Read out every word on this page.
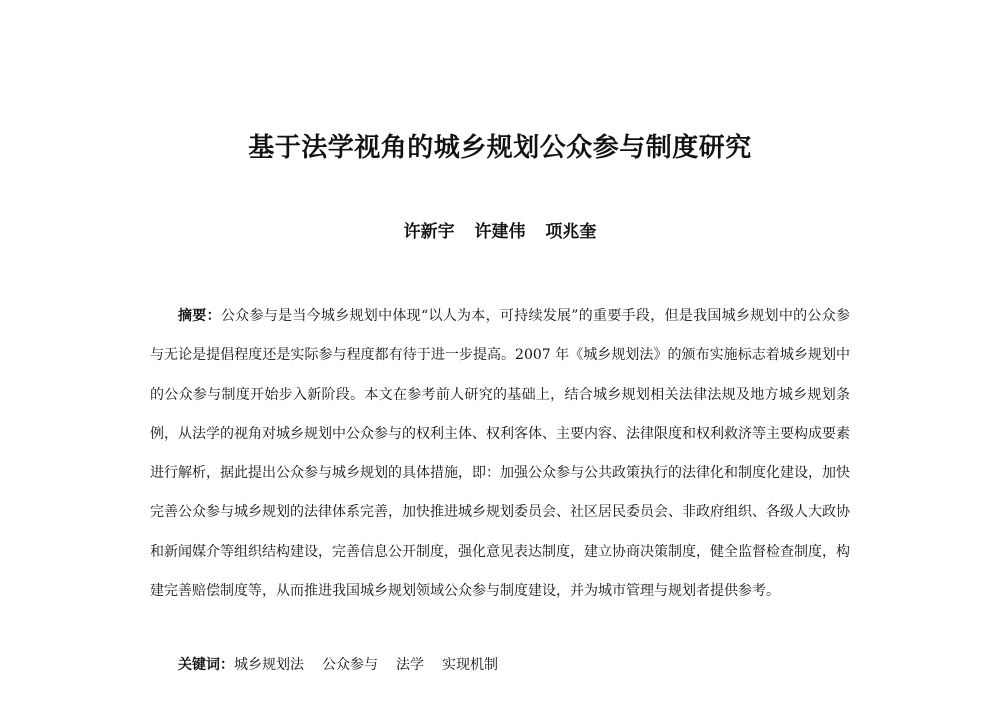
基于法学视角的城乡规划公众参与制度研究
许新宇 许建伟 项兆奎
摘要：公众参与是当今城乡规划中体现“以人为本，可持续发展”的重要手段，但是我国城乡规划中的公众参与无论是提倡程度还是实际参与程度都有待于进一步提高。2007 年《城乡规划法》的颁布实施标志着城乡规划中的公众参与制度开始步入新阶段。本文在参考前人研究的基础上，结合城乡规划相关法律法规及地方城乡规划条例，从法学的视角对城乡规划中公众参与的权利主体、权利客体、主要内容、法律限度和权利救济等主要构成要素进行解析，据此提出公众参与城乡规划的具体措施，即：加强公众参与公共政策执行的法律化和制度化建设，加快完善公众参与城乡规划的法律体系完善，加快推进城乡规划委员会、社区居民委员会、非政府组织、各级人大政协和新闻媒介等组织结构建设，完善信息公开制度，强化意见表达制度，建立协商决策制度，健全监督检查制度，构建完善赔偿制度等，从而推进我国城乡规划领域公众参与制度建设，并为城市管理与规划者提供参考。
关键词：城乡规划法 公众参与 法学 实现机制
